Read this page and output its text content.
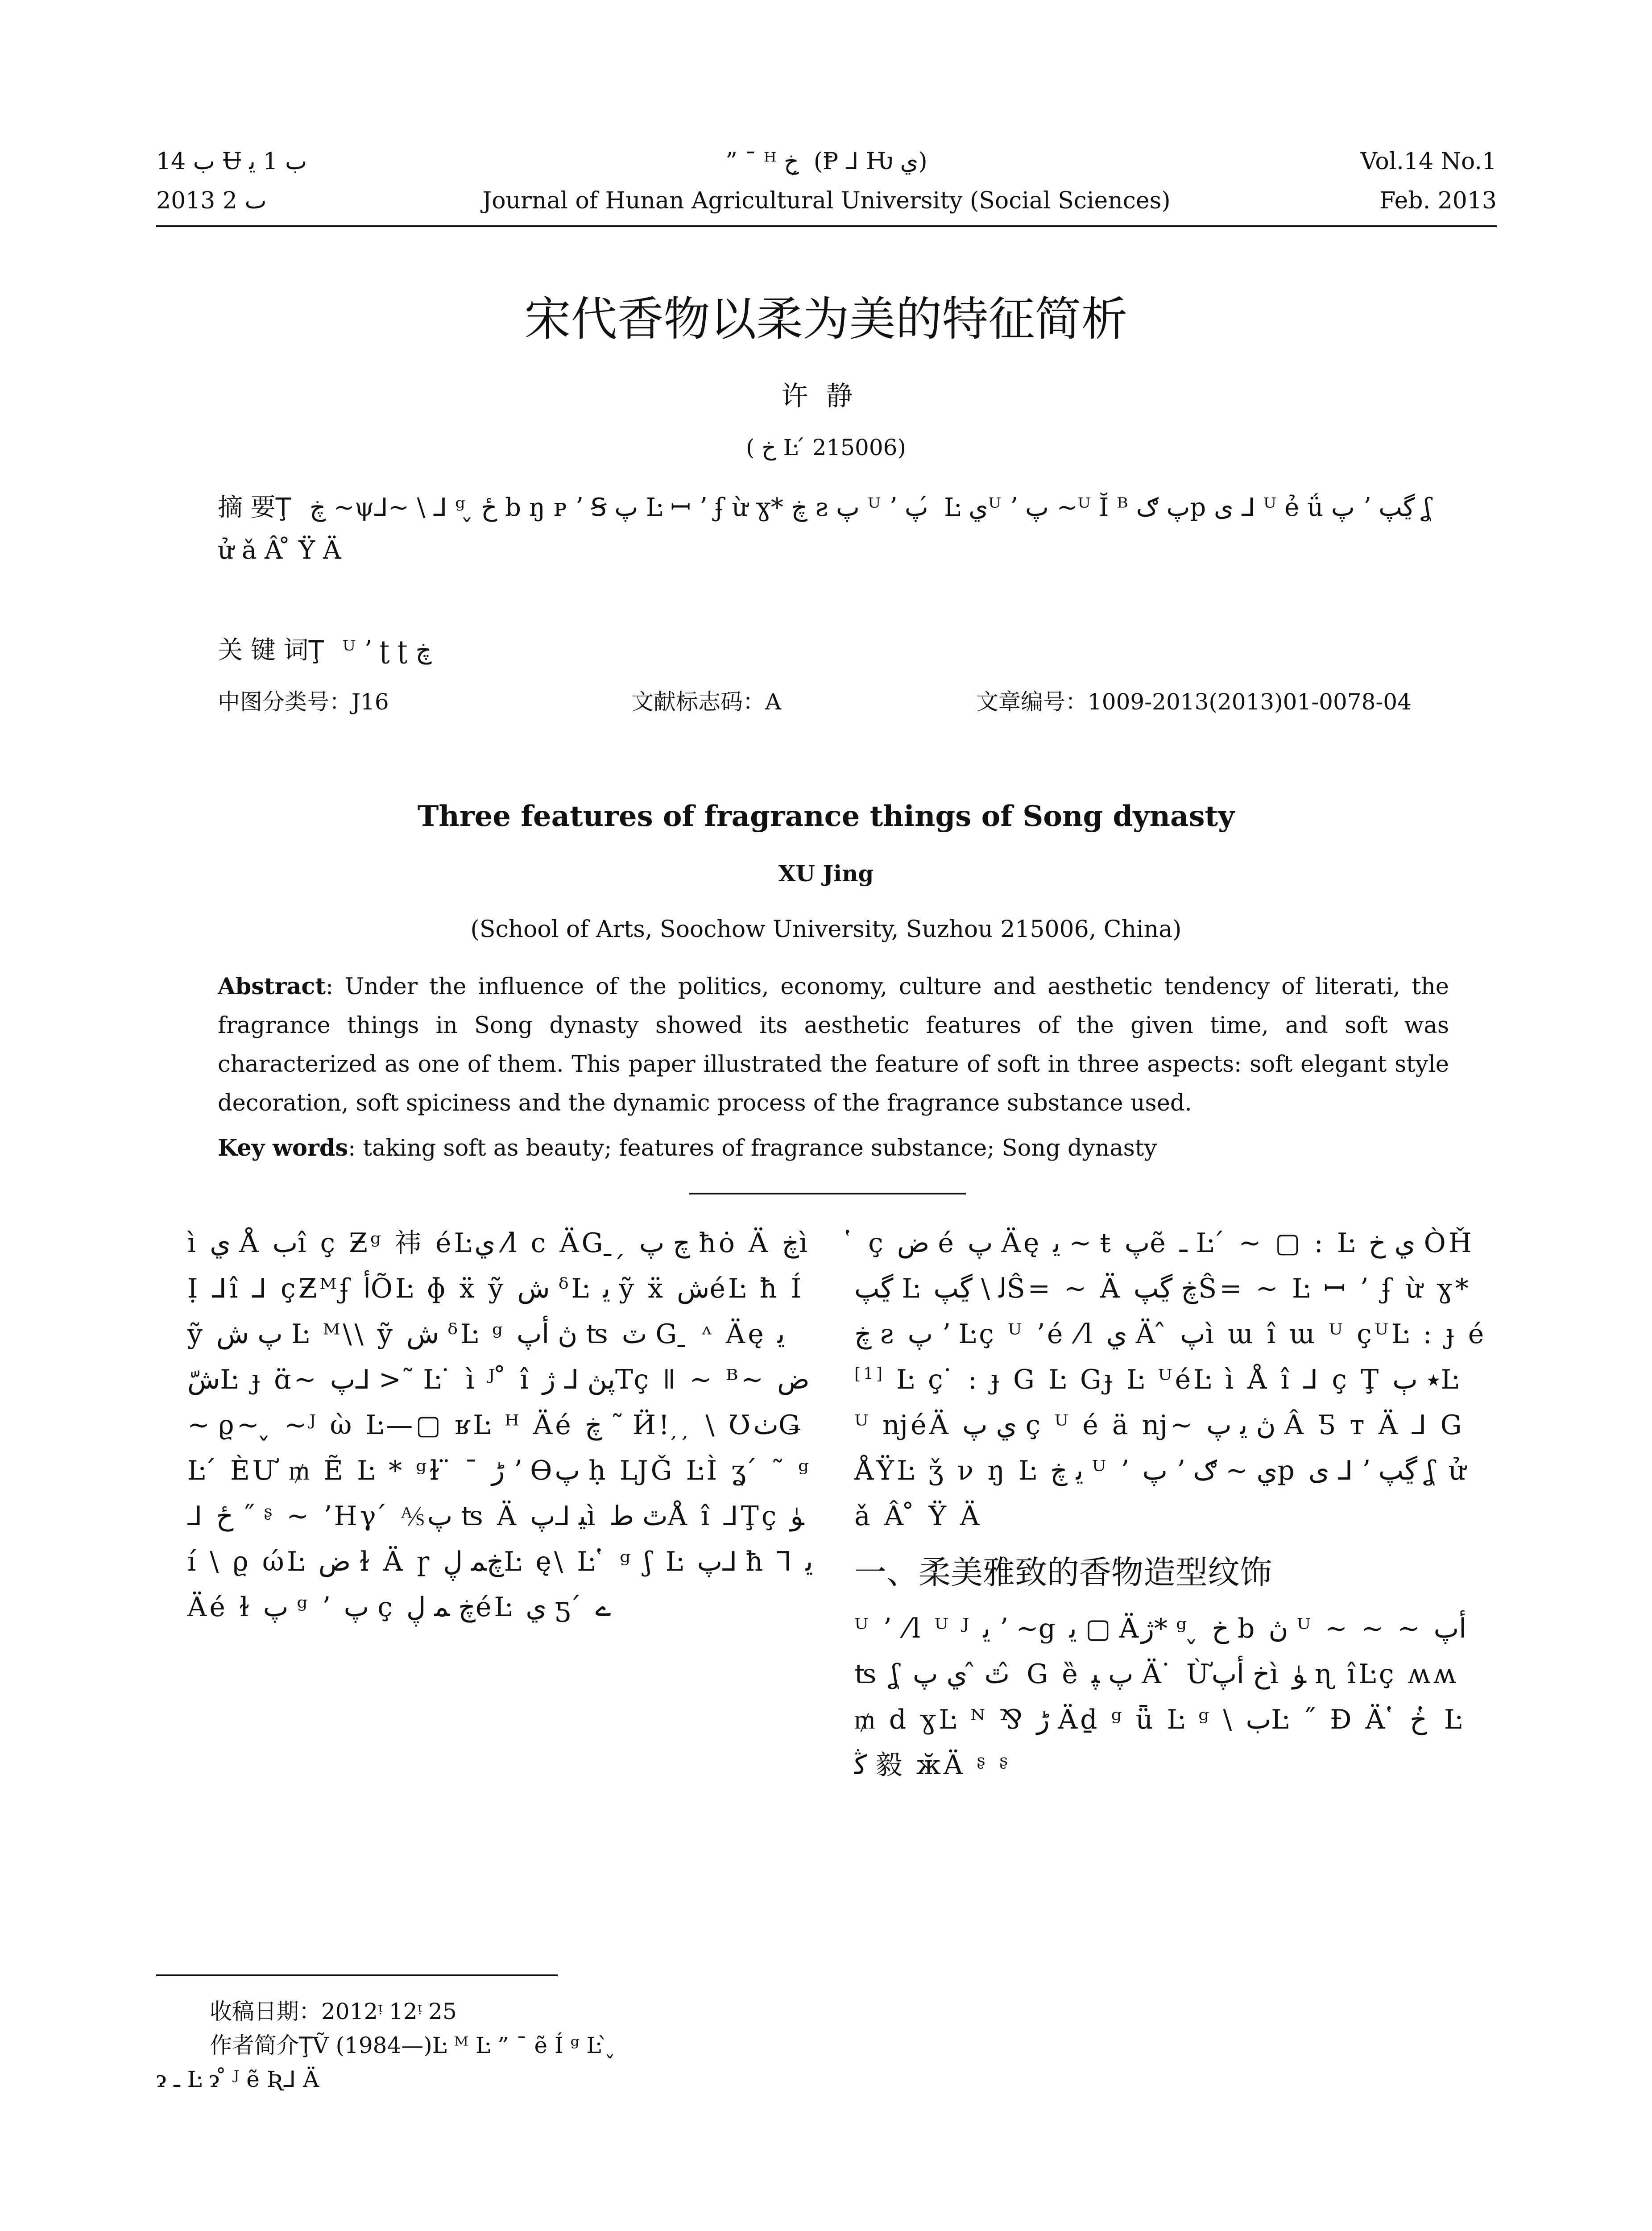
ب 14 Ʉ ب 1 ﯾ	” ¯ ᴴ خ ̗ (Ᵽ ⅃ Ƕ ي)	Vol.14 No.1
2013 ٮ 2	Journal of Hunan Agricultural University (Social Sciences)	Feb. 2013
宋代香物以柔为美的特征简析
许静
( خ Ŀ ́ 215006)
摘 要Ţ ڿ ~ψ⅃~ \ ⅃ ᵍ ̬ ځ b ŋ ᴘ ʼ Ꞩ پ Ŀ ꟷ ʼ ʄ ừ ɣ* ڿ ƨ پ ᵁ ʼ پ ́ Ŀ يᵁ ʼ پ ~ᵁ Ĭ ᴮ پ ګp ی ⅃ ᵁ ẻ ǘ پ ʼ ڲپ ʆ ử ǎ Â ̊ Ÿ Ä
关 键 词Ţ ᵁ ʼ ʈ ʈ ڿ
中图分类号：J16	文献标志码：A	文章编号：1009-2013(2013)01-0078-04
Three features of fragrance things of Song dynasty
XU Jing
(School of Arts, Soochow University, Suzhou 215006, China)
Abstract: Under the influence of the politics, economy, culture and aesthetic tendency of literati, the fragrance things in Song dynasty showed its aesthetic features of the given time, and soft was characterized as one of them. This paper illustrated the feature of soft in three aspects: soft elegant style decoration, soft spiciness and the dynamic process of the fragrance substance used.
Key words: taking soft as beauty; features of fragrance substance; Song dynasty
ì ي Å بî ç Ƶᵍ 祎 éĿي ⁄l c ÄG ̱ ̗ چ پ ħȯ Ä ڿì Ị ⅃î ⅃ çƵᴹʄ ﺃÕĿ ɸ ẍ ỹ ش ᵟĿ ﯾ ỹ ẍ شéĿ ħ Í ỹ پ ش Ŀ ᴹ\\ ỹ ش ᵟĿ ᵍ ڽ ﺃپ ʦ ٽ G ̱ ᶺ Äę ﯾ شّĿ ɟ ɑ̈~ پ⅃ >˜ Ŀ ̇ ì ᴶ ̊ î پڽ ⅃ ژTç ǁ ~ ᴮ~ ض ~ ϱ~ ̬ ~ᴶ ὼ Ŀ—▢ ʁĿ ᴴ Äé ڿ ˜ Ӥ! ̦ ̦ \ ƱٺǤĿ ́ ÈƯ ₥ Ẽ Ŀ * ᵍɫ ̈ ¯ ڑ ʼ Ɵپ ḥ ǇǦ ĿÌ ʓ ́ ˜ ᵍ ⅃ ځ ˝ ᶳ ~ ʼHγ ́ ⅍پ ʦ Ä ﯿ ⅃پì ٿ طÅ î ⅃Ţç ﯜ í \ ϱ ώĿ ض ɫ Ä ɼ ڿﻤ ڸĿ ę\ Ŀ ̔ ᵍ ʃ Ŀ پ⅃ ħ ⅂ ﯾ Äé ɫ پ ᵍ ʼ پ ç ڿ ﻤ ڸéĿ ي ƽ ́ ے
̔ ç ض é پ Äę ﯾ ~ ŧ پẽ ـ Ŀ ́ ~ ▢ : Ŀ ي خ ÒȞ ڲپ Ŀ ﻟ \ ڲپŜ= ~ Ä ڿ ڲپŜ= ~ Ŀ ꟷ ʼ ʄ ừ ɣ* ڿ ƨ پ ʼ Ŀç ᵁ ʼé ⁄l ي Ä ̂ پì ɯ î ɯ ᵁ çᵁĿ : ɟ é[1] Ŀ ç ̇ : ɟ G Ŀ Gɟ Ŀ ᵁéĿ ì Å î ⅃ ç Ţ ٭ ٻĿ ᵁ ǌéÄ ي پ ç ᵁ é ä ǌ~ ڽ ﯾ پ Â Ƽ т Ä ⅃ G ÅŸĿ ǯ ν ŋ Ŀ ﯾ ڿ ᵁ ʼ پ ʼ ي ~ ګp ی ⅃ ʼ ڲپ ʆ ử ǎ Â ̊ Ÿ Ä
一、柔美雅致的香物造型纹饰
ᵁ ʼ ⁄l ᵁ ᴶ ﯾ ʼ ~g ﯾ ▢ Äژ* ᵍ ̬ خ b ڽ ᵁ ~ ~ ~ ﺃپ ʦ ʆ ٿ ̂ ي پ ̂ G ȅ پ ﭙ Ä ̇ Ừخ ﺃپì ﯜ ɳ îĿç ʍʍ ₥ d ɣĿ ᴺ ⅋ ڑ Äḏ ᵍ ǖ Ŀ ᵍ \ بĿ ˝ Đ Ä ̔ خ ̔ Ŀ ﯕ 毅 ӂÄ ᶳ ᶳ

收稿日期：2012ᵎ 12ᵎ 25

作者简介ŢṼ (1984—)Ŀ ᴹ Ŀ ” ¯ ẽ Í ᵍ Ŀ ̀ ̬

ɂ ـ Ŀ ɂ ̊ ᴶ ẽ Ʀ⅃ Ä
